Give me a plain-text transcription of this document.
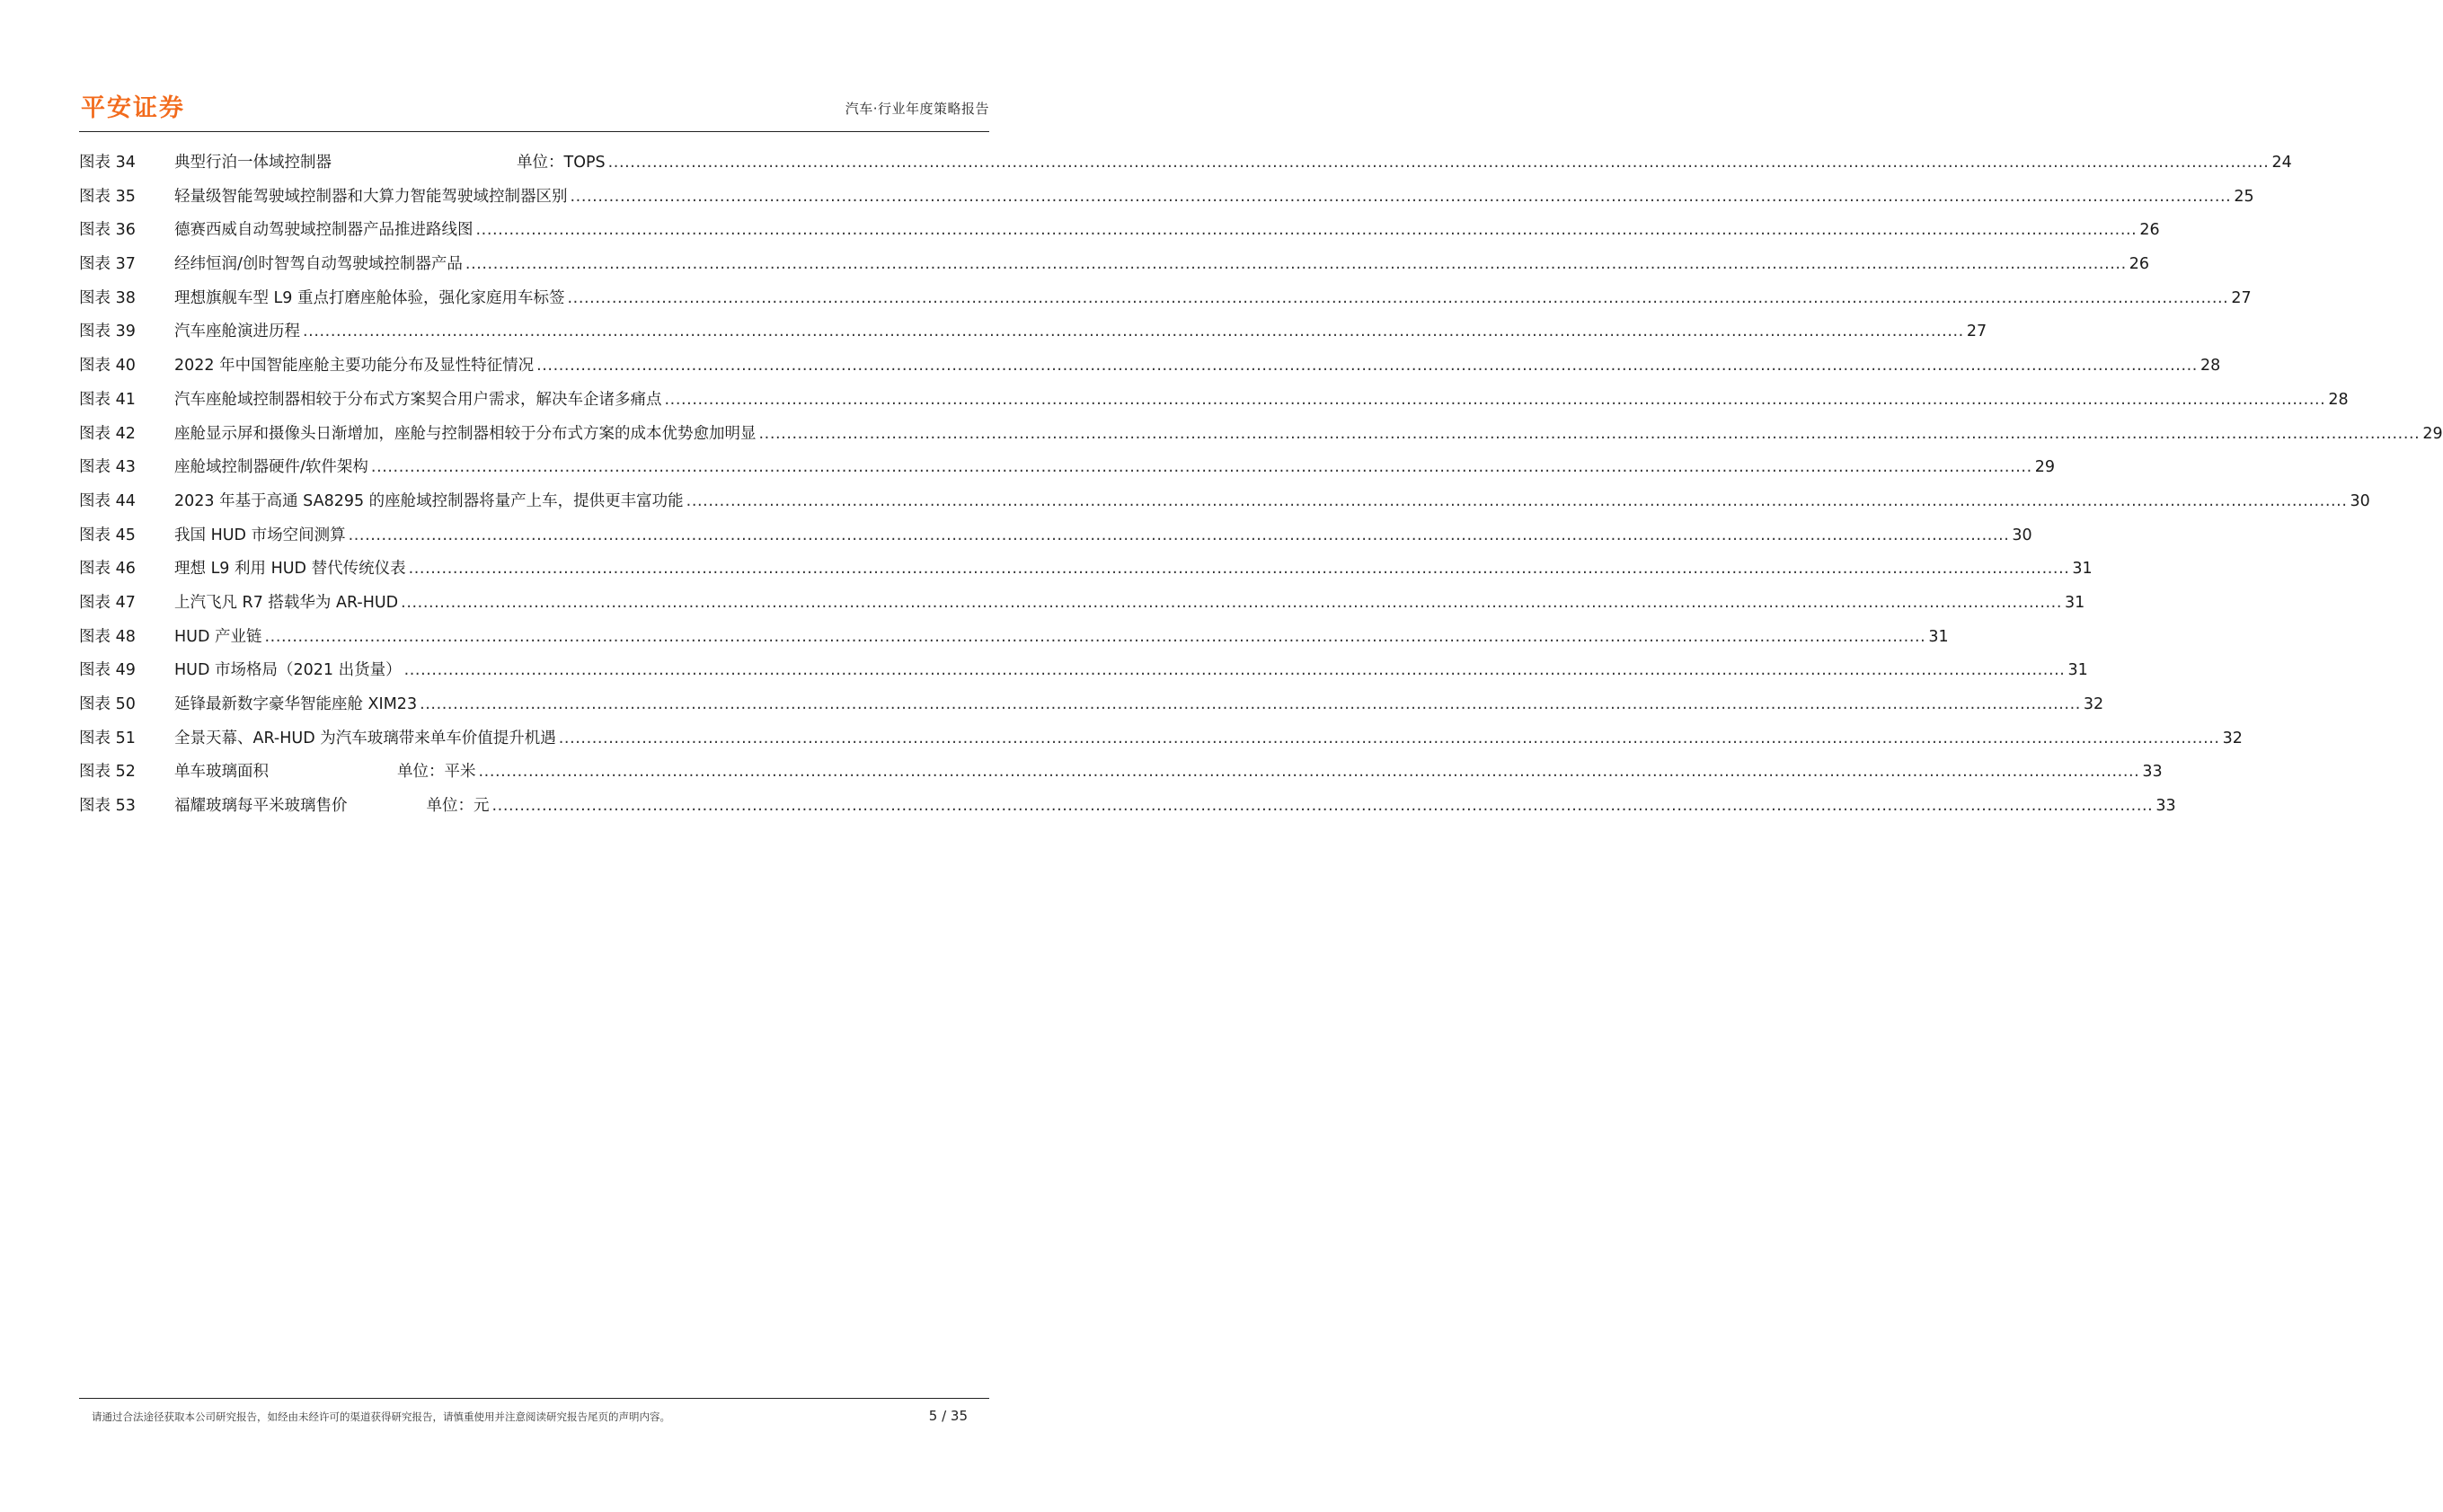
平安证券	汽车·行业年度策略报告
图表 34	典型行泊一体域控制器	单位：TOPS ............................................................................................................................................................................................................................................................................................................ 24
图表 35	轻量级智能驾驶域控制器和大算力智能驾驶域控制器区别 ............................................................................................................................................................................................................................................................................................................ 25
图表 36	德赛西威自动驾驶域控制器产品推进路线图 ............................................................................................................................................................................................................................................................................................................ 26
图表 37	经纬恒润/创时智驾自动驾驶域控制器产品 ............................................................................................................................................................................................................................................................................................................ 26
图表 38	理想旗舰车型 L9 重点打磨座舱体验，强化家庭用车标签 ............................................................................................................................................................................................................................................................................................................ 27
图表 39	汽车座舱演进历程 ............................................................................................................................................................................................................................................................................................................ 27
图表 40	2022 年中国智能座舱主要功能分布及显性特征情况 ............................................................................................................................................................................................................................................................................................................ 28
图表 41	汽车座舱域控制器相较于分布式方案契合用户需求，解决车企诸多痛点 ............................................................................................................................................................................................................................................................................................................ 28
图表 42	座舱显示屏和摄像头日渐增加，座舱与控制器相较于分布式方案的成本优势愈加明显 ............................................................................................................................................................................................................................................................................................................ 29
图表 43	座舱域控制器硬件/软件架构 ............................................................................................................................................................................................................................................................................................................ 29
图表 44	2023 年基于高通 SA8295 的座舱域控制器将量产上车，提供更丰富功能 ............................................................................................................................................................................................................................................................................................................ 30
图表 45	我国 HUD 市场空间测算 ............................................................................................................................................................................................................................................................................................................ 30
图表 46	理想 L9 利用 HUD 替代传统仪表 ............................................................................................................................................................................................................................................................................................................ 31
图表 47	上汽飞凡 R7 搭载华为 AR-HUD ............................................................................................................................................................................................................................................................................................................ 31
图表 48	HUD 产业链 ............................................................................................................................................................................................................................................................................................................ 31
图表 49	HUD 市场格局（2021 出货量） ............................................................................................................................................................................................................................................................................................................ 31
图表 50	延锋最新数字豪华智能座舱 XIM23 ............................................................................................................................................................................................................................................................................................................ 32
图表 51	全景天幕、AR-HUD 为汽车玻璃带来单车价值提升机遇 ............................................................................................................................................................................................................................................................................................................ 32
图表 52	单车玻璃面积	单位：平米 ............................................................................................................................................................................................................................................................................................................ 33
图表 53	福耀玻璃每平米玻璃售价	单位：元 ............................................................................................................................................................................................................................................................................................................ 33
请通过合法途径获取本公司研究报告，如经由未经许可的渠道获得研究报告，请慎重使用并注意阅读研究报告尾页的声明内容。	5 / 35
